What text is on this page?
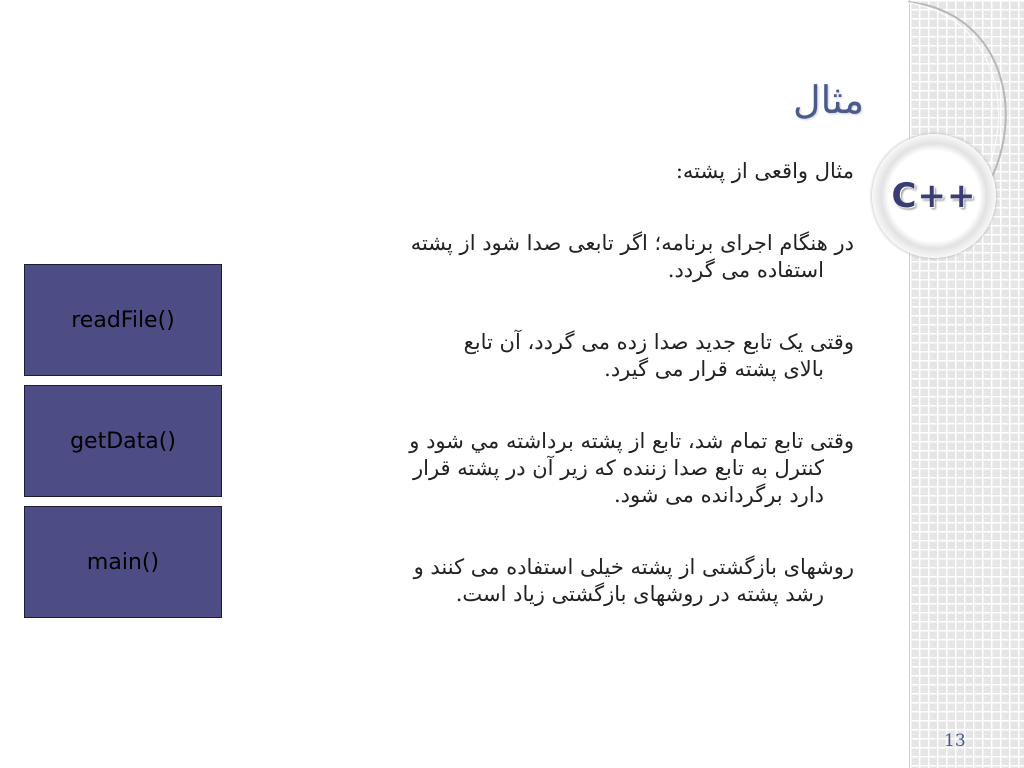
C++
مثال

مثال واقعی از پشته:

در هنگام اجرای برنامه؛ اگر تابعی صدا شود از پشته

استفاده می گردد.

وقتی یک تابع جدید صدا زده می گردد، آن تابع

بالای پشته قرار می گیرد.

وقتی تابع تمام شد، تابع از پشته برداشته مي شود و

کنترل به تابع صدا زننده که زیر آن در پشته قرار
دارد برگردانده می شود.

روشهای بازگشتی از پشته خیلی استفاده می کنند و

رشد پشته در روشهای بازگشتی زیاد است.

readFile()
getData()
main()
13
